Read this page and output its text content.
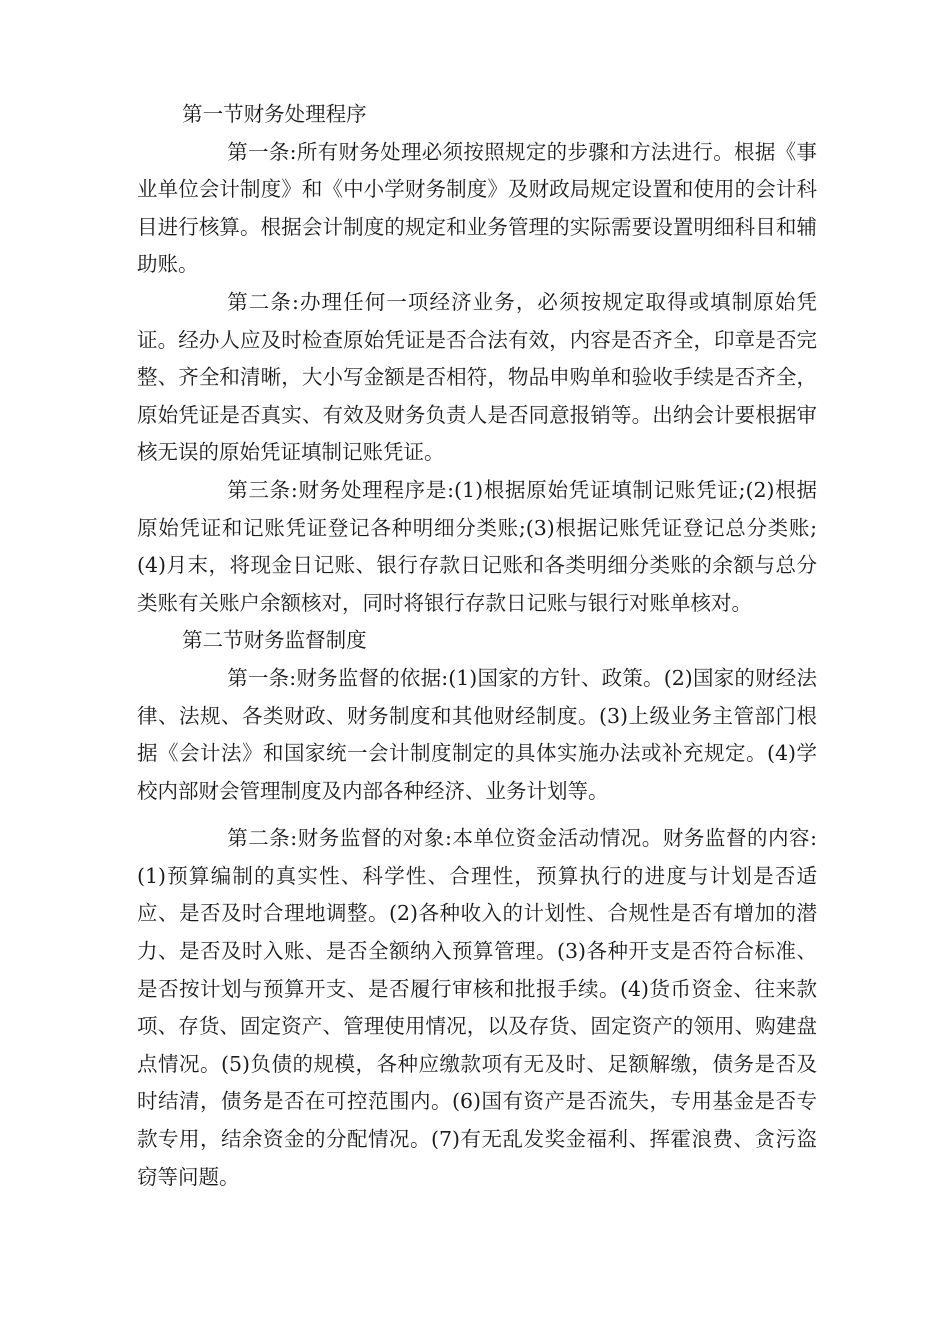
第一节财务处理程序

第一条:所有财务处理必须按照规定的步骤和方法进行。根据《事业单位会计制度》和《中小学财务制度》及财政局规定设置和使用的会计科目进行核算。根据会计制度的规定和业务管理的实际需要设置明细科目和辅助账。

第二条:办理任何一项经济业务，必须按规定取得或填制原始凭证。经办人应及时检查原始凭证是否合法有效，内容是否齐全，印章是否完整、齐全和清晰，大小写金额是否相符，物品申购单和验收手续是否齐全，原始凭证是否真实、有效及财务负责人是否同意报销等。出纳会计要根据审核无误的原始凭证填制记账凭证。

第三条:财务处理程序是:(1)根据原始凭证填制记账凭证;(2)根据原始凭证和记账凭证登记各种明细分类账;(3)根据记账凭证登记总分类账;(4)月末，将现金日记账、银行存款日记账和各类明细分类账的余额与总分类账有关账户余额核对，同时将银行存款日记账与银行对账单核对。

第二节财务监督制度

第一条:财务监督的依据:(1)国家的方针、政策。(2)国家的财经法律、法规、各类财政、财务制度和其他财经制度。(3)上级业务主管部门根据《会计法》和国家统一会计制度制定的具体实施办法或补充规定。(4)学校内部财会管理制度及内部各种经济、业务计划等。

第二条:财务监督的对象:本单位资金活动情况。财务监督的内容:(1)预算编制的真实性、科学性、合理性，预算执行的进度与计划是否适应、是否及时合理地调整。(2)各种收入的计划性、合规性是否有增加的潜力、是否及时入账、是否全额纳入预算管理。(3)各种开支是否符合标准、是否按计划与预算开支、是否履行审核和批报手续。(4)货币资金、往来款项、存货、固定资产、管理使用情况，以及存货、固定资产的领用、购建盘点情况。(5)负债的规模，各种应缴款项有无及时、足额解缴，债务是否及时结清，债务是否在可控范围内。(6)国有资产是否流失，专用基金是否专款专用，结余资金的分配情况。(7)有无乱发奖金福利、挥霍浪费、贪污盗窃等问题。
